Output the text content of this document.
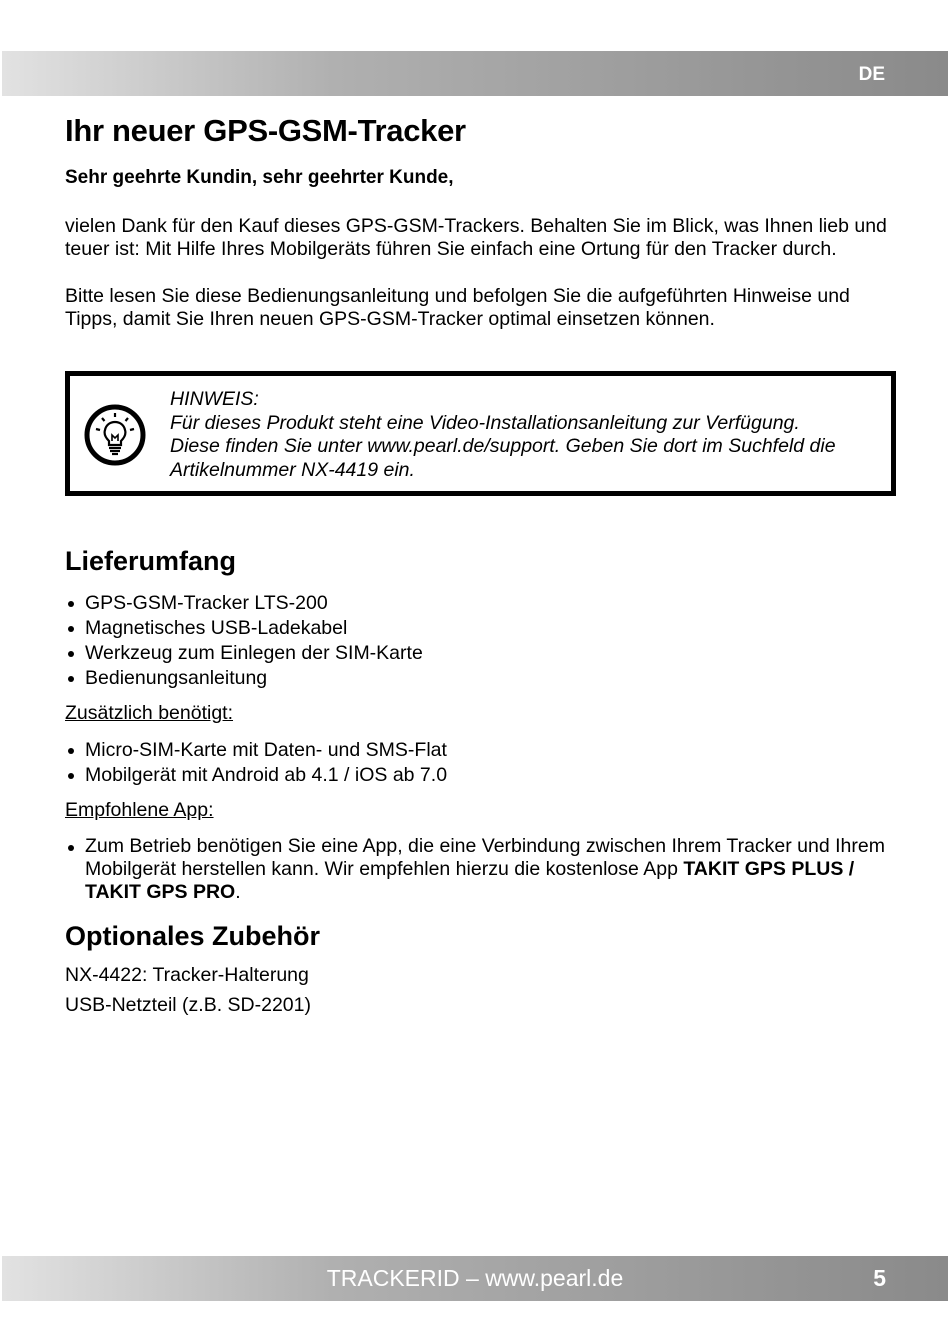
DE
Ihr neuer GPS-GSM-Tracker

Sehr geehrte Kundin, sehr geehrter Kunde,

vielen Dank für den Kauf dieses GPS-GSM-Trackers. Behalten Sie im Blick, was Ihnen lieb und teuer ist: Mit Hilfe Ihres Mobilgeräts führen Sie einfach eine Ortung für den Tracker durch.

Bitte lesen Sie diese Bedienungsanleitung und befolgen Sie die aufgeführten Hinweise und Tipps, damit Sie Ihren neuen GPS-GSM-Tracker optimal einsetzen können.

HINWEIS:
Für dieses Produkt steht eine Video-Installationsanleitung zur Verfügung.
Diese finden Sie unter www.pearl.de/support. Geben Sie dort im Suchfeld die
Artikelnummer NX-4419 ein.
Lieferumfang
GPS-GSM-Tracker LTS-200
Magnetisches USB-Ladekabel
Werkzeug zum Einlegen der SIM-Karte
Bedienungsanleitung

Zusätzlich benötigt:

Micro-SIM-Karte mit Daten- und SMS-Flat
Mobilgerät mit Android ab 4.1 / iOS ab 7.0

Empfohlene App:

Zum Betrieb benötigen Sie eine App, die eine Verbindung zwischen Ihrem Tracker und Ihrem Mobilgerät herstellen kann. Wir empfehlen hierzu die kostenlose App TAKIT GPS PLUS / TAKIT GPS PRO.
Optionales Zubehör

NX-4422: Tracker-Halterung

USB-Netzteil (z.B. SD-2201)

TRACKERID – www.pearl.de	5
